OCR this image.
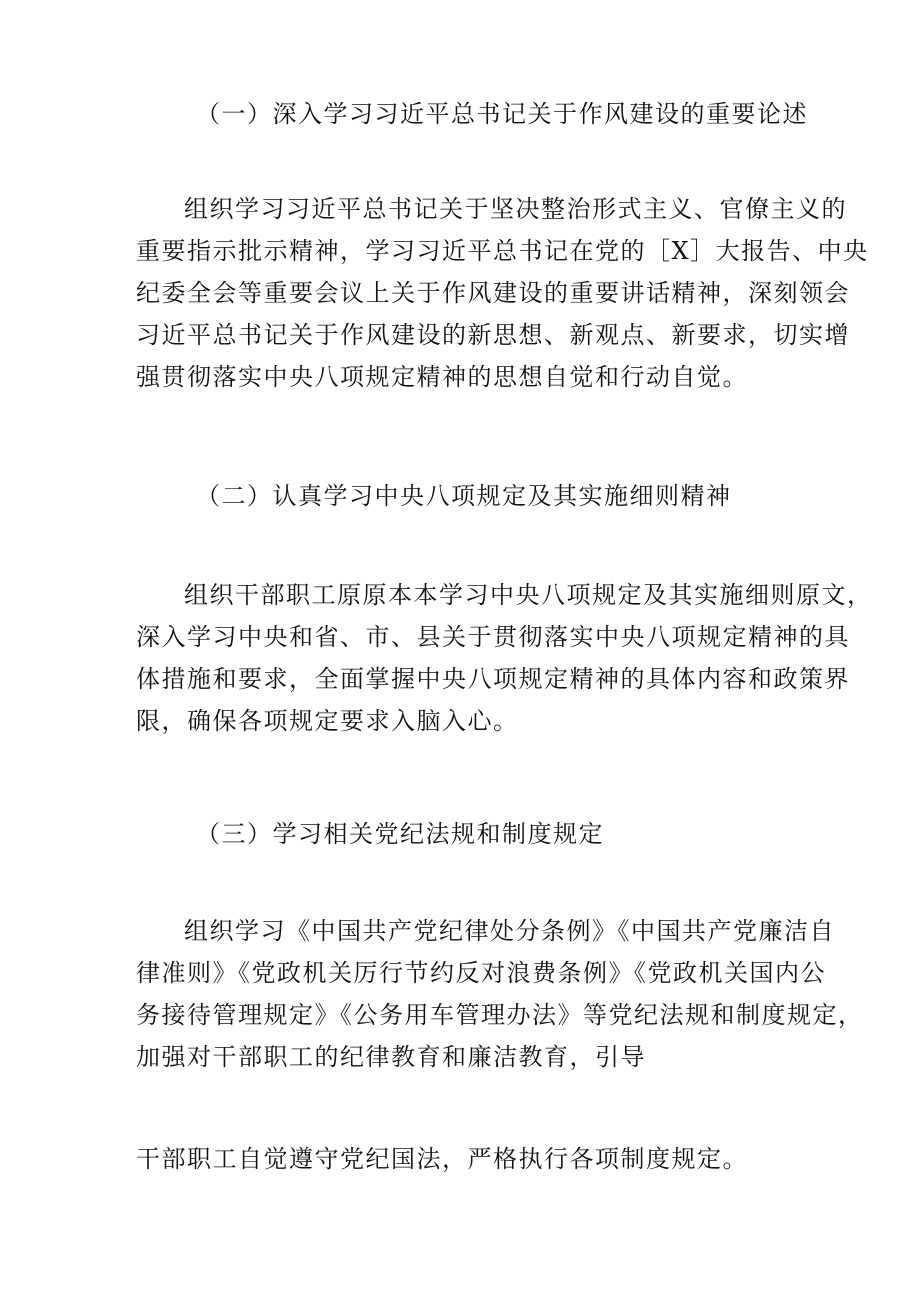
（一）深入学习习近平总书记关于作风建设的重要论述
组织学习习近平总书记关于坚决整治形式主义、官僚主义的
重要指示批示精神，学习习近平总书记在党的［X］大报告、中央
纪委全会等重要会议上关于作风建设的重要讲话精神，深刻领会
习近平总书记关于作风建设的新思想、新观点、新要求，切实增
强贯彻落实中央八项规定精神的思想自觉和行动自觉。
（二）认真学习中央八项规定及其实施细则精神
组织干部职工原原本本学习中央八项规定及其实施细则原文，
深入学习中央和省、市、县关于贯彻落实中央八项规定精神的具
体措施和要求，全面掌握中央八项规定精神的具体内容和政策界
限，确保各项规定要求入脑入心。
（三）学习相关党纪法规和制度规定
组织学习《中国共产党纪律处分条例》《中国共产党廉洁自
律准则》《党政机关厉行节约反对浪费条例》《党政机关国内公
务接待管理规定》《公务用车管理办法》等党纪法规和制度规定，
加强对干部职工的纪律教育和廉洁教育，引导
干部职工自觉遵守党纪国法，严格执行各项制度规定。
